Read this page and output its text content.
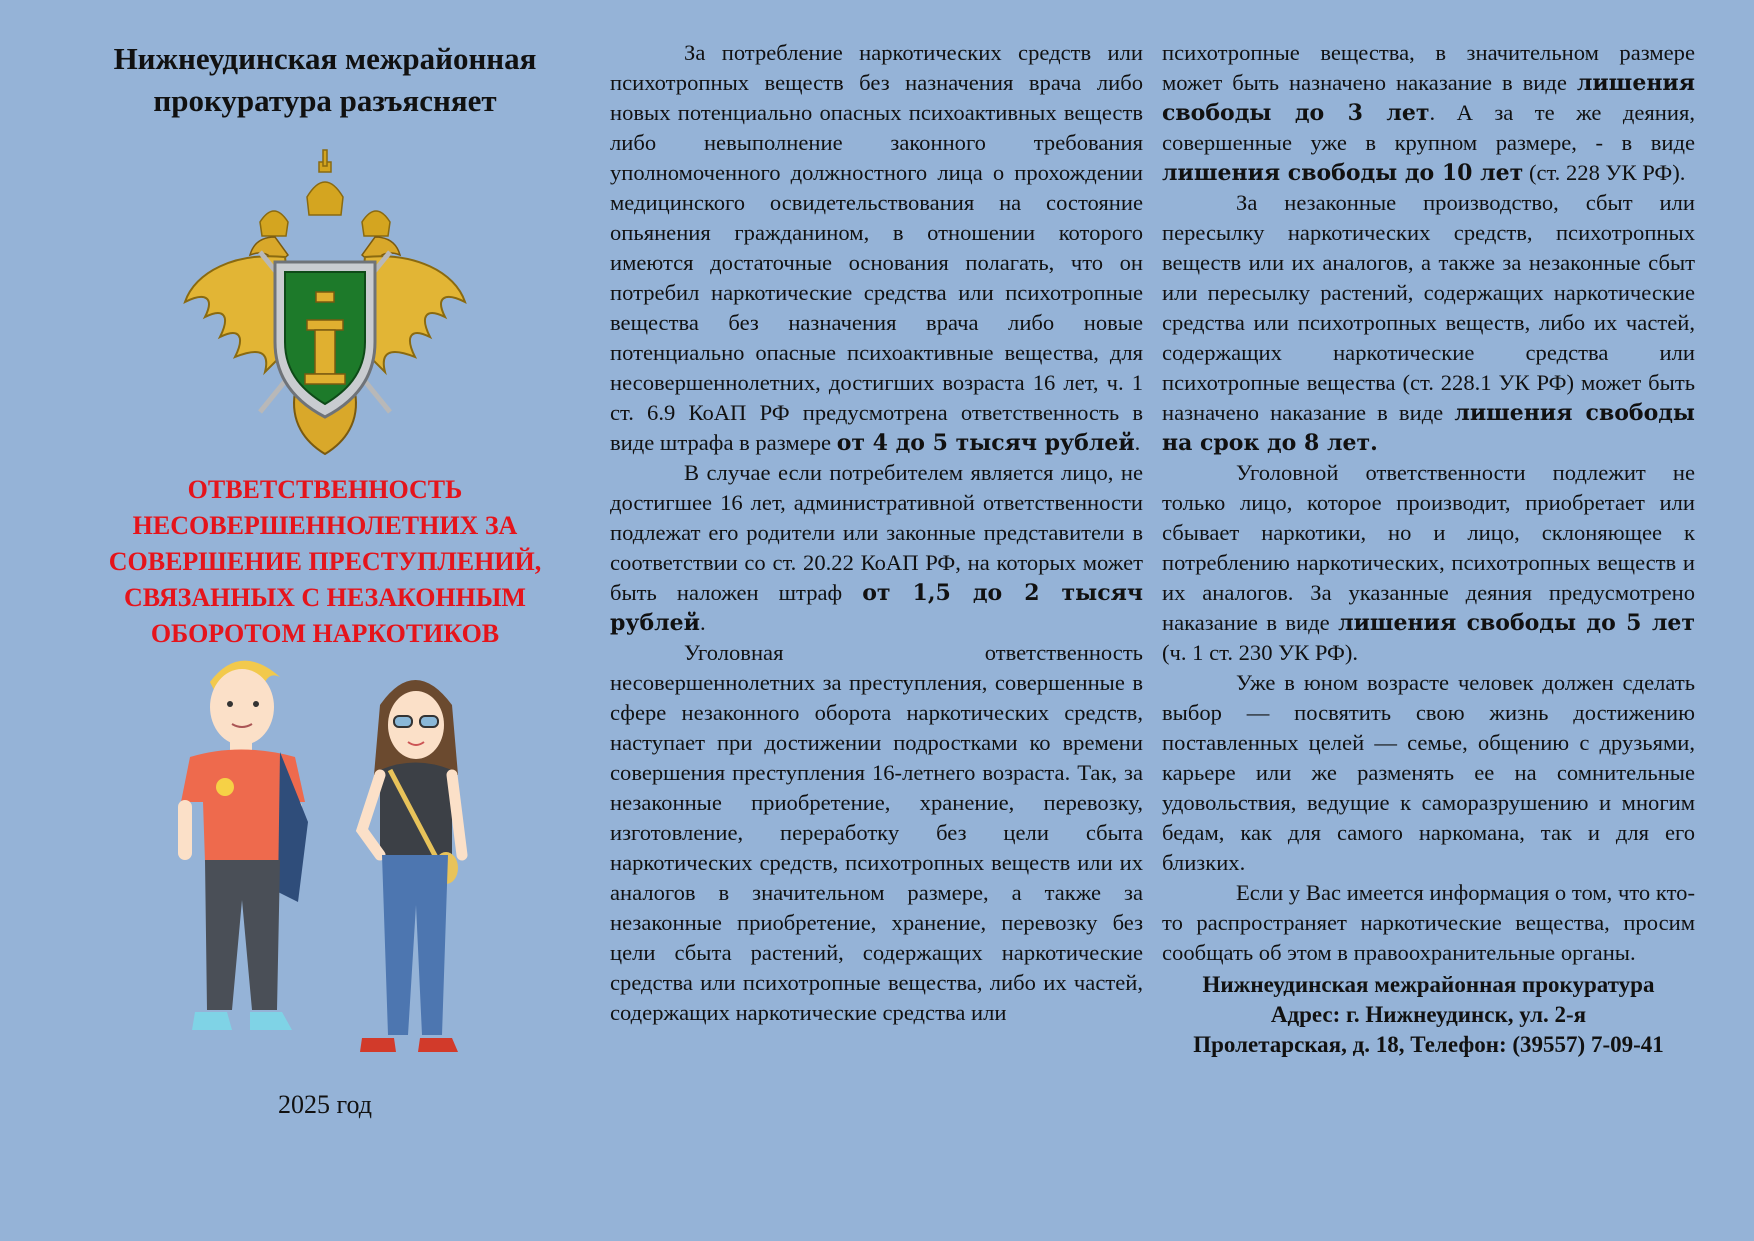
Нижнеудинская межрайонная
прокуратура разъясняет

ОТВЕТСТВЕННОСТЬ
НЕСОВЕРШЕННОЛЕТНИХ ЗА
СОВЕРШЕНИЕ ПРЕСТУПЛЕНИЙ,
СВЯЗАННЫХ С НЕЗАКОННЫМ
ОБОРОТОМ НАРКОТИКОВ
2025 год

За потребление наркотических средств или психотропных веществ без назначения врача либо новых потенциально опасных психоактивных веществ либо невыполнение законного требования уполномоченного должностного лица о прохождении медицинского освидетельствования на состояние опьянения гражданином, в отношении которого имеются достаточные основания полагать, что он потребил наркотические средства или психотропные вещества без назначения врача либо новые потенциально опасные психоактивные вещества, для несовершеннолетних, достигших возраста 16 лет, ч. 1 ст. 6.9 КоАП РФ предусмотрена ответственность в виде штрафа в размере от 4 до 5 тысяч рублей.

В случае если потребителем является лицо, не достигшее 16 лет, административной ответственности подлежат его родители или законные представители в соответствии со ст. 20.22 КоАП РФ, на которых может быть наложен штраф от 1,5 до 2 тысяч рублей.

Уголовная ответственность несовершеннолетних за преступления, совершенные в сфере незаконного оборота наркотических средств, наступает при достижении подростками ко времени совершения преступления 16-летнего возраста. Так, за незаконные приобретение, хранение, перевозку, изготовление, переработку без цели сбыта наркотических средств, психотропных веществ или их аналогов в значительном размере, а также за незаконные приобретение, хранение, перевозку без цели сбыта растений, содержащих наркотические средства или психотропные вещества, либо их частей, содержащих наркотические средства или

психотропные вещества, в значительном размере может быть назначено наказание в виде лишения свободы до 3 лет. А за те же деяния, совершенные уже в крупном размере, - в виде лишения свободы до 10 лет (ст. 228 УК РФ).

За незаконные производство, сбыт или пересылку наркотических средств, психотропных веществ или их аналогов, а также за незаконные сбыт или пересылку растений, содержащих наркотические средства или психотропных веществ, либо их частей, содержащих наркотические средства или психотропные вещества (ст. 228.1 УК РФ) может быть назначено наказание в виде лишения свободы на срок до 8 лет.

Уголовной ответственности подлежит не только лицо, которое производит, приобретает или сбывает наркотики, но и лицо, склоняющее к потреблению наркотических, психотропных веществ и их аналогов. За указанные деяния предусмотрено наказание в виде лишения свободы до 5 лет (ч. 1 ст. 230 УК РФ).

Уже в юном возрасте человек должен сделать выбор — посвятить свою жизнь достижению поставленных целей — семье, общению с друзьями, карьере или же разменять ее на сомнительные удовольствия, ведущие к саморазрушению и многим бедам, как для самого наркомана, так и для его близких.

Если у Вас имеется информация о том, что кто-то распространяет наркотические вещества, просим сообщать об этом в правоохранительные органы.

Нижнеудинская межрайонная прокуратура
Адрес: г. Нижнеудинск, ул. 2-я
Пролетарская, д. 18, Телефон: (39557) 7-09-41
